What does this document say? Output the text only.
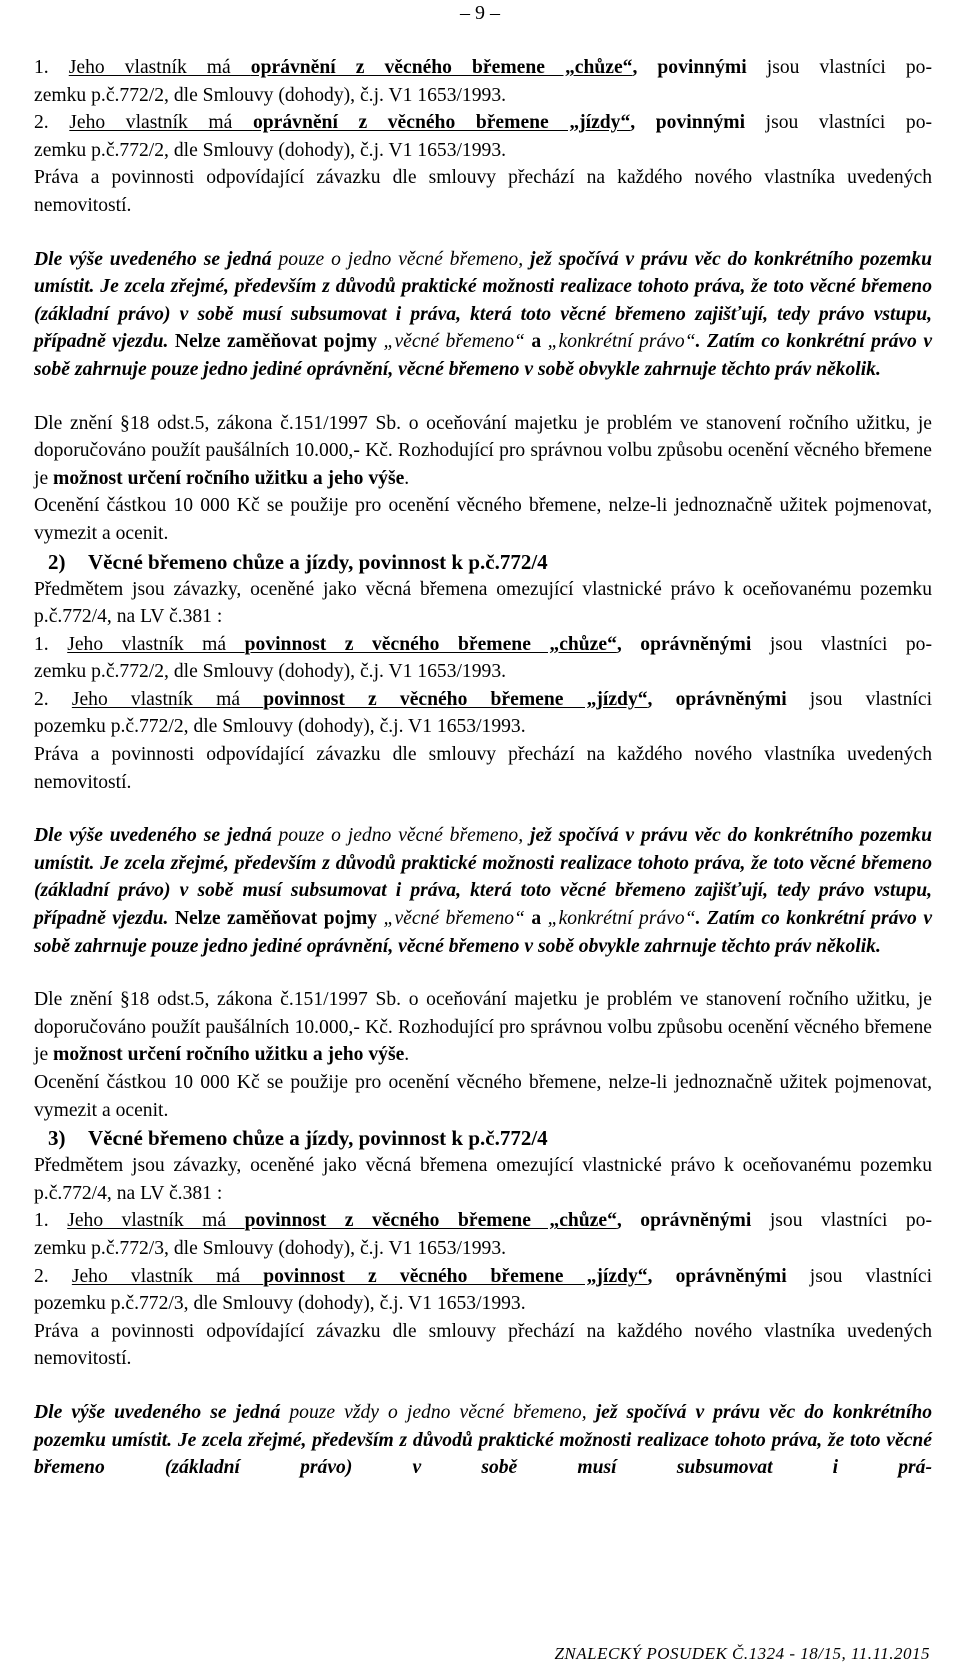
– 9 –

1. Jeho vlastník má oprávnění z věcného břemene „chůze“, povinnými jsou vlastníci po-

zemku p.č.772/2, dle Smlouvy (dohody), č.j. V1 1653/1993.

2. Jeho vlastník má oprávnění z věcného břemene „jízdy“, povinnými jsou vlastníci po-

zemku p.č.772/2, dle Smlouvy (dohody), č.j. V1 1653/1993.

Práva a povinnosti odpovídající závazku dle smlouvy přechází na každého nového vlastníka uvedených nemovitostí.

Dle výše uvedeného se jedná pouze o jedno věcné břemeno, jež spočívá v právu věc do konkrétního pozemku umístit. Je zcela zřejmé, především z důvodů praktické možnosti realizace tohoto práva, že toto věcné břemeno (základní právo) v sobě musí subsumovat i práva, která toto věcné břemeno zajišťují, tedy právo vstupu, případně vjezdu. Nelze zaměňovat pojmy „věcné břemeno“ a „konkrétní právo“. Zatím co konkrétní právo v sobě zahrnuje pouze jedno jediné oprávnění, věcné břemeno v sobě obvykle zahrnuje těchto práv několik.

Dle znění §18 odst.5, zákona č.151/1997 Sb. o oceňování majetku je problém ve stanovení ročního užitku, je doporučováno použít paušálních 10.000,- Kč. Rozhodující pro správnou volbu způsobu ocenění věcného břemene je možnost určení ročního užitku a jeho výše.

Ocenění částkou 10 000 Kč se použije pro ocenění věcného břemene, nelze-li jednoznačně užitek pojmenovat, vymezit a ocenit.

2) Věcné břemeno chůze a jízdy, povinnost k p.č.772/4

Předmětem jsou závazky, oceněné jako věcná břemena omezující vlastnické právo k oceňovanému pozemku p.č.772/4, na LV č.381 :

1. Jeho vlastník má povinnost z věcného břemene „chůze“, oprávněnými jsou vlastníci po-

zemku p.č.772/2, dle Smlouvy (dohody), č.j. V1 1653/1993.

2. Jeho vlastník má povinnost z věcného břemene „jízdy“, oprávněnými jsou vlastníci

pozemku p.č.772/2, dle Smlouvy (dohody), č.j. V1 1653/1993.

Práva a povinnosti odpovídající závazku dle smlouvy přechází na každého nového vlastníka uvedených nemovitostí.

Dle výše uvedeného se jedná pouze o jedno věcné břemeno, jež spočívá v právu věc do konkrétního pozemku umístit. Je zcela zřejmé, především z důvodů praktické možnosti realizace tohoto práva, že toto věcné břemeno (základní právo) v sobě musí subsumovat i práva, která toto věcné břemeno zajišťují, tedy právo vstupu, případně vjezdu. Nelze zaměňovat pojmy „věcné břemeno“ a „konkrétní právo“. Zatím co konkrétní právo v sobě zahrnuje pouze jedno jediné oprávnění, věcné břemeno v sobě obvykle zahrnuje těchto práv několik.

Dle znění §18 odst.5, zákona č.151/1997 Sb. o oceňování majetku je problém ve stanovení ročního užitku, je doporučováno použít paušálních 10.000,- Kč. Rozhodující pro správnou volbu způsobu ocenění věcného břemene je možnost určení ročního užitku a jeho výše.

Ocenění částkou 10 000 Kč se použije pro ocenění věcného břemene, nelze-li jednoznačně užitek pojmenovat, vymezit a ocenit.

3) Věcné břemeno chůze a jízdy, povinnost k p.č.772/4

Předmětem jsou závazky, oceněné jako věcná břemena omezující vlastnické právo k oceňovanému pozemku p.č.772/4, na LV č.381 :

1. Jeho vlastník má povinnost z věcného břemene „chůze“, oprávněnými jsou vlastníci po-

zemku p.č.772/3, dle Smlouvy (dohody), č.j. V1 1653/1993.

2. Jeho vlastník má povinnost z věcného břemene „jízdy“, oprávněnými jsou vlastníci

pozemku p.č.772/3, dle Smlouvy (dohody), č.j. V1 1653/1993.

Práva a povinnosti odpovídající závazku dle smlouvy přechází na každého nového vlastníka uvedených nemovitostí.

Dle výše uvedeného se jedná pouze vždy o jedno věcné břemeno, jež spočívá v právu věc do konkrétního pozemku umístit. Je zcela zřejmé, především z důvodů praktické možnosti realizace tohoto práva, že toto věcné břemeno (základní právo) v sobě musí subsumovat i prá-

ZNALECKÝ POSUDEK Č.1324 - 18/15, 11.11.2015
